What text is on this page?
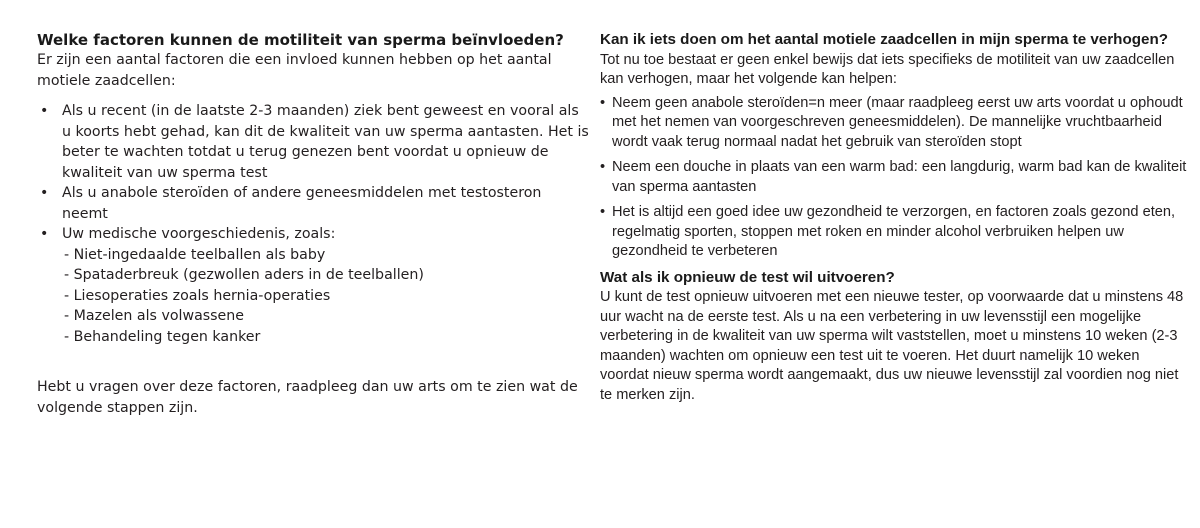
Welke factoren kunnen de motiliteit van sperma beïnvloeden?

Er zijn een aantal factoren die een invloed kunnen hebben op het aantal motiele zaadcellen:

• Als u recent (in de laatste 2-3 maanden) ziek bent geweest en vooral als u koorts hebt gehad, kan dit de kwaliteit van uw sperma aantasten. Het is beter te wachten totdat u terug genezen bent voordat u opnieuw de kwaliteit van uw sperma test
• Als u anabole steroïden of andere geneesmiddelen met testosteron neemt
• Uw medische voorgeschiedenis, zoals:
- Niet-ingedaalde teelballen als baby
- Spataderbreuk (gezwollen aders in de teelballen)
- Liesoperaties zoals hernia-operaties
- Mazelen als volwassene
- Behandeling tegen kanker

Hebt u vragen over deze factoren, raadpleeg dan uw arts om te zien wat de volgende stappen zijn.

Kan ik iets doen om het aantal motiele zaadcellen in mijn sperma te verhogen?

Tot nu toe bestaat er geen enkel bewijs dat iets specifieks de motiliteit van uw zaadcellen kan verhogen, maar het volgende kan helpen:

• Neem geen anabole steroïden=n meer (maar raadpleeg eerst uw arts voordat u ophoudt met het nemen van voorgeschreven geneesmiddelen). De mannelijke vruchtbaarheid wordt vaak terug normaal nadat het gebruik van steroïden stopt
• Neem een douche in plaats van een warm bad: een langdurig, warm bad kan de kwaliteit van sperma aantasten
• Het is altijd een goed idee uw gezondheid te verzorgen, en factoren zoals gezond eten, regelmatig sporten, stoppen met roken en minder alcohol verbruiken helpen uw gezondheid te verbeteren
Wat als ik opnieuw de test wil uitvoeren?

U kunt de test opnieuw uitvoeren met een nieuwe tester, op voorwaarde dat u minstens 48 uur wacht na de eerste test. Als u na een verbetering in uw levensstijl een mogelijke verbetering in de kwaliteit van uw sperma wilt vaststellen, moet u minstens 10 weken (2-3 maanden) wachten om opnieuw een test uit te voeren. Het duurt namelijk 10 weken voordat nieuw sperma wordt aangemaakt, dus uw nieuwe levensstijl zal voordien nog niet te merken zijn.
